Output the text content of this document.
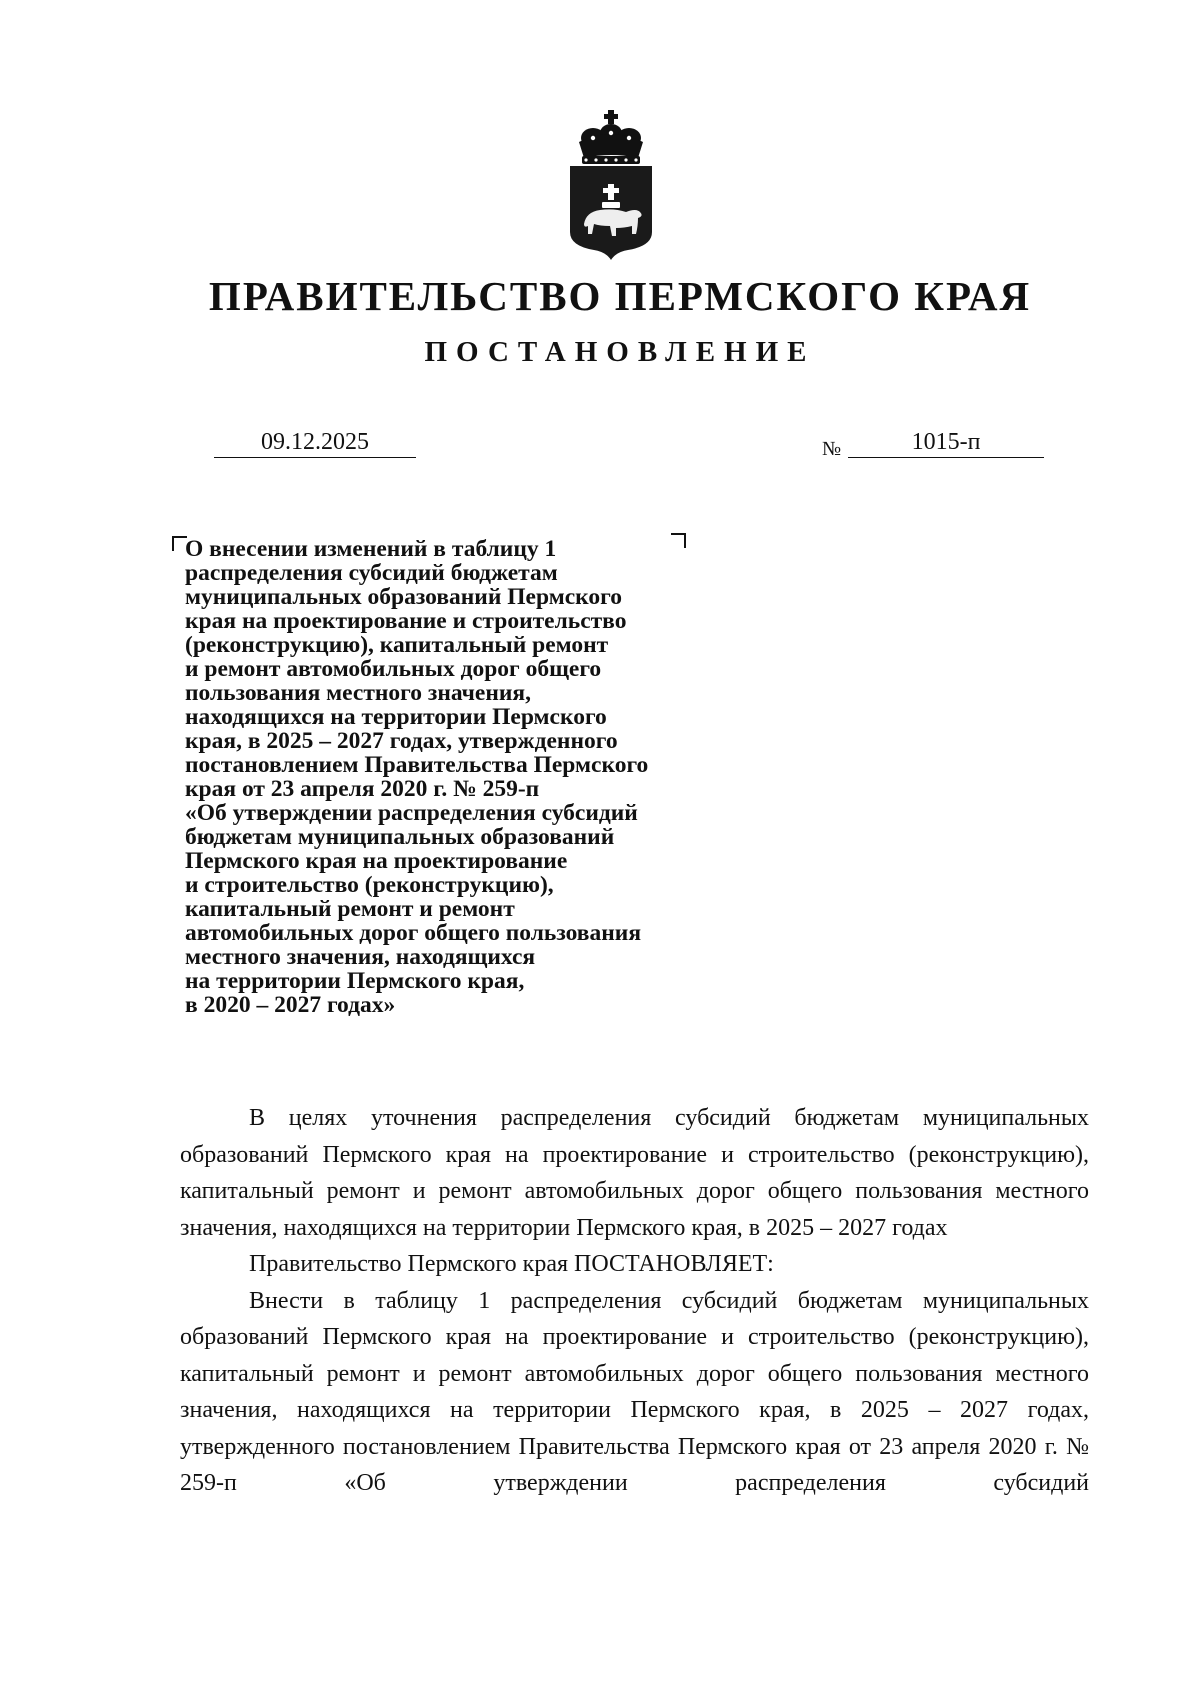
ПРАВИТЕЛЬСТВО ПЕРМСКОГО КРАЯ
ПОСТАНОВЛЕНИЕ
09.12.2025	№	1015-п
О внесении изменений в таблицу 1
распределения субсидий бюджетам
муниципальных образований Пермского
края на проектирование и строительство
(реконструкцию), капитальный ремонт
и ремонт автомобильных дорог общего
пользования местного значения,
находящихся на территории Пермского
края, в 2025 – 2027 годах, утвержденного
постановлением Правительства Пермского
края от 23 апреля 2020 г. № 259-п
«Об утверждении распределения субсидий
бюджетам муниципальных образований
Пермского края на проектирование
и строительство (реконструкцию),
капитальный ремонт и ремонт
автомобильных дорог общего пользования
местного значения, находящихся
на территории Пермского края,
в 2020 – 2027 годах»

В целях уточнения распределения субсидий бюджетам муниципальных образований Пермского края на проектирование и строительство (реконструкцию), капитальный ремонт и ремонт автомобильных дорог общего пользования местного значения, находящихся на территории Пермского края, в 2025 – 2027 годах

Правительство Пермского края ПОСТАНОВЛЯЕТ:

Внести в таблицу 1 распределения субсидий бюджетам муниципальных образований Пермского края на проектирование и строительство (реконструкцию), капитальный ремонт и ремонт автомобильных дорог общего пользования местного значения, находящихся на территории Пермского края, в 2025 – 2027 годах, утвержденного постановлением Правительства Пермского края от 23 апреля 2020 г. № 259-п «Об утверждении распределения субсидий
